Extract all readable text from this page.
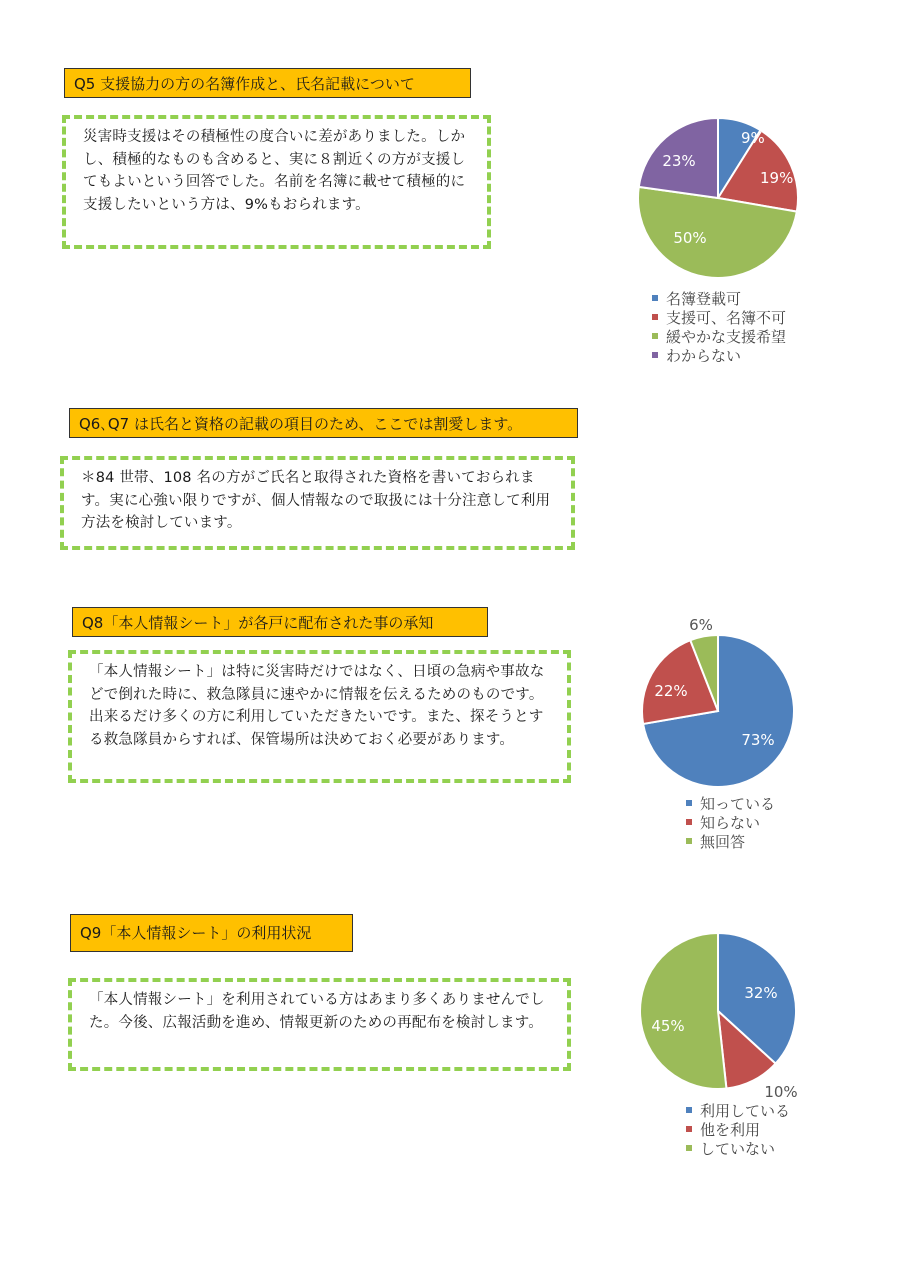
Q5 支援協力の方の名簿作成と、氏名記載について
災害時支援はその積極性の度合いに差がありました。しかし、積極的なものも含めると、実に８割近くの方が支援してもよいという回答でした。名前を名簿に載せて積極的に支援したいという方は、9%もおられます。
9%
19%
50%
23%
名簿登載可
支援可、名簿不可
緩やかな支援希望
わからない
Q6､Q7 は氏名と資格の記載の項目のため、ここでは割愛します。
＊84 世帯、108 名の方がご氏名と取得された資格を書いておられます。実に心強い限りですが、個人情報なので取扱には十分注意して利用方法を検討しています。
Q8「本人情報シート」が各戸に配布された事の承知
「本人情報シート」は特に災害時だけではなく、日頃の急病や事故などで倒れた時に、救急隊員に速やかに情報を伝えるためのものです。出来るだけ多くの方に利用していただきたいです。また、探そうとする救急隊員からすれば、保管場所は決めておく必要があります。	73%
22%
6%
知っている
知らない
無回答
Q9「本人情報シート」の利用状況
「本人情報シート」を利用されている方はあまり多くありませんでした。今後、広報活動を進め、情報更新のための再配布を検討します。
32%
10%
45%
利用している
他を利用
していない
